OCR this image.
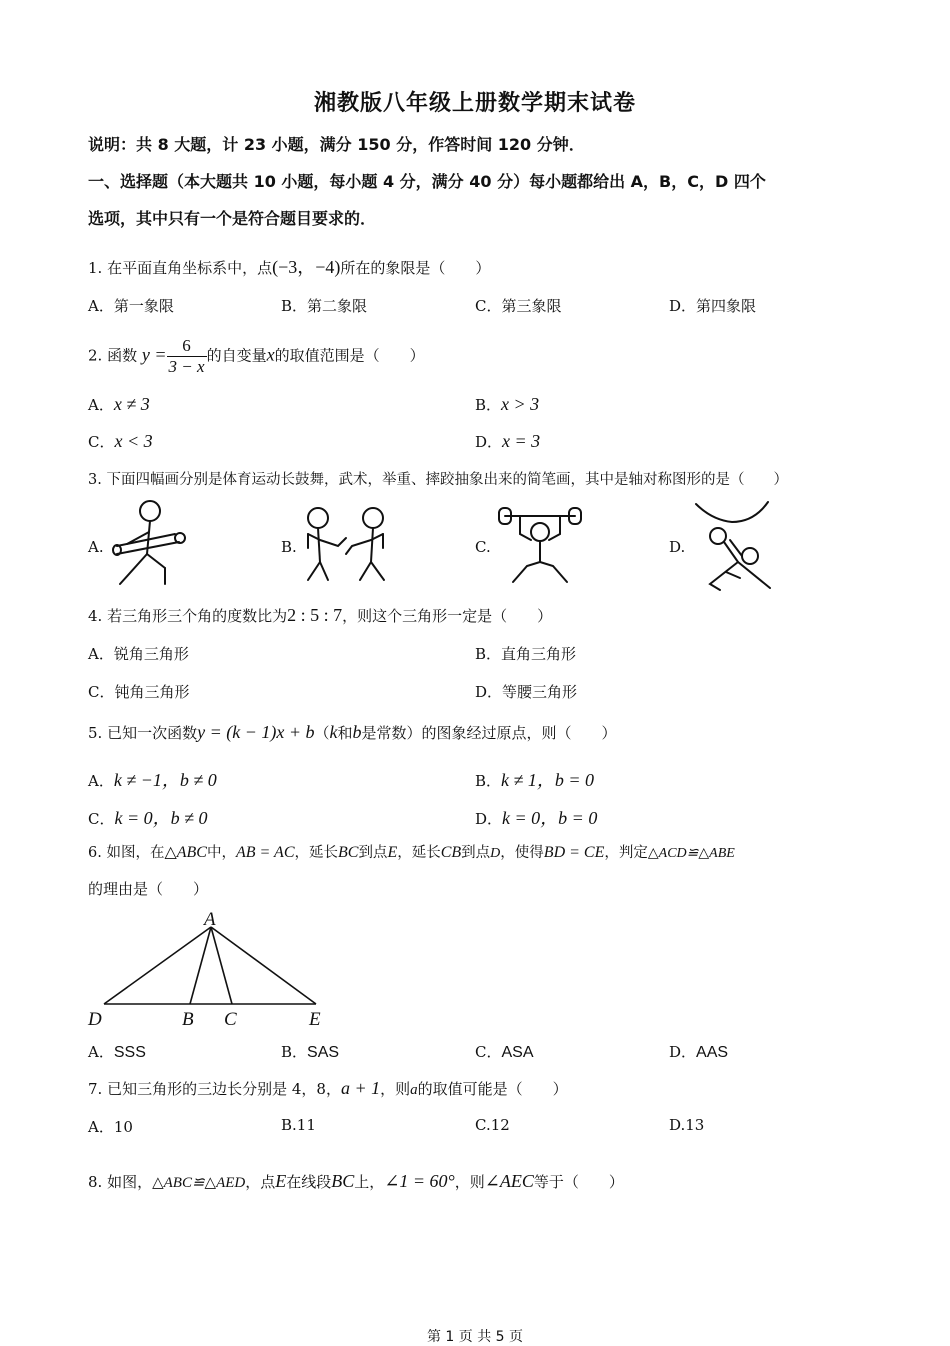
湘教版八年级上册数学期末试卷
说明：共 8 大题，计 23 小题，满分 150 分，作答时间 120 分钟．
一、选择题（本大题共 10 小题，每小题 4 分，满分 40 分）每小题都给出 A，B，C，D 四个
选项，其中只有一个是符合题目要求的．
1. 在平面直角坐标系中，点(−3，−4)所在的象限是（　　）
A．第一象限	B．第二象限	C．第三象限	D．第四象限
2. 函数 $y = \frac{6}{3 - x}$ 的自变量x的取值范围是（　　）
A．x ≠ 3	B．x > 3
C．x < 3	D．x = 3
3. 下面四幅画分别是体育运动长鼓舞，武术，举重、摔跤抽象出来的简笔画，其中是轴对称图形的是（　　）
A.	B.	C.	D.
4. 若三角形三个角的度数比为2 : 5 : 7，则这个三角形一定是（　　）
A．锐角三角形	B．直角三角形
C．钝角三角形	D．等腰三角形
5. 已知一次函数y = (k − 1)x + b（k和b是常数）的图象经过原点，则（　　）
A．k ≠ −1，b ≠ 0	B．k ≠ 1，b = 0
C．k = 0，b ≠ 0	D．k = 0，b = 0
6. 如图，在△ABC中，AB = AC，延长BC到点E，延长CB到点D，使得BD = CE，判定△ACD≌△ABE
的理由是（　　）
A
D	B C	E
A．SSS	B．SAS	C．ASA	D．AAS
7. 已知三角形的三边长分别是 4，8，a + 1，则a的取值可能是（　　）
A．10	B.11	C.12	D.13
8. 如图，△ABC≌△AED，点E在线段BC上，∠1 = 60°，则∠AEC等于（　　）
第 1 页 共 5 页
